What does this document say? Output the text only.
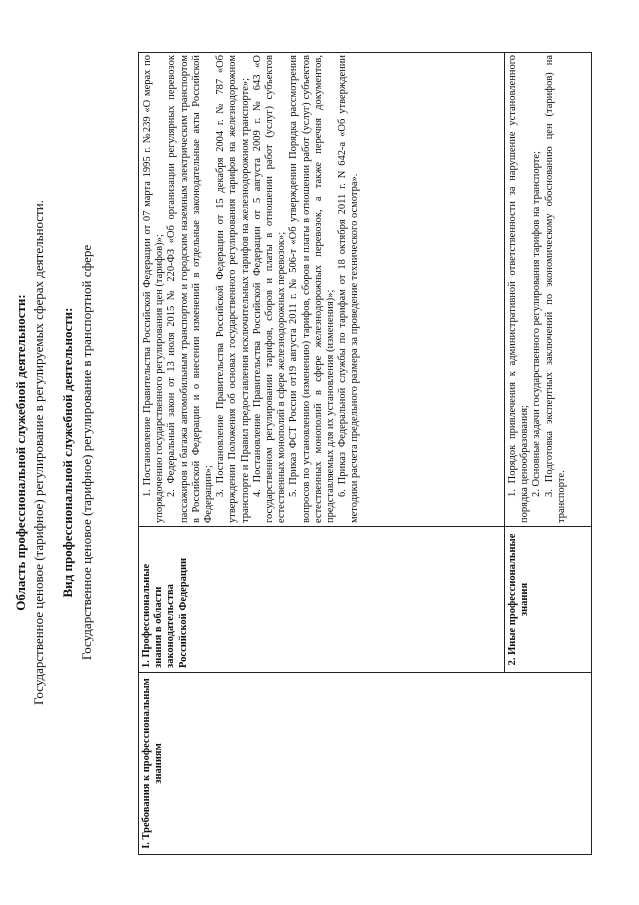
Область профессиональной служебной деятельности: Государственное ценовое (тарифное) регулирование в регулируемых сферах деятельности. Вид профессиональной служебной деятельности: Государственное ценовое (тарифное) регулирование в транспортной сфере
I. Требования к профессиональным знаниям
1. Профессиональные знания в области законодательства Российской Федерации	2. Иные профессиональные знания

1. Постановление Правительства Российской Федерации от 07 марта 1995 г. №239 «О мерах по упорядочению государственного регулирования цен (тарифов)»; 2. Федеральный закон от 13 июля 2015 № 220-ФЗ «Об организации регулярных перевозок пассажиров и багажа автомобильным транспортом и городским наземным электрическим транспортом в Российской Федерации и о внесении изменений в отдельные законодательные акты Российской Федерации»; 3. Постановление Правительства Российской Федерации от 15 декабря 2004 г. № 787 «Об утверждении Положения об основах государственного регулирования тарифов на железнодорожном транспорте и Правил предоставления исключительных тарифов на железнодорожном транспорте»; 4. Постановление Правительства Российской Федерации от 5 августа 2009 г. № 643 «О государственном регулировании тарифов, сборов и платы в отношении работ (услуг) субъектов естественных монополий в сфере железнодорожных перевозок»; 5. Приказ ФСТ России от19 августа 2011 г. № 506-т «Об утверждении Порядка рассмотрения вопросов по установлению (изменению) тарифов, сборов и платы в отношении работ (услуг) субъектов естественных монополий в сфере железнодорожных перевозок, а также перечня документов, представляемых для их установления (изменения)»; 6. Приказ Федеральной службы по тарифам от 18 октября 2011 г. N 642-а «Об утверждении методики расчета предельного размера за проведение технического осмотра».	1. Порядок привлечения к административной ответственности за нарушение установленного порядка ценообразования; 2. Основные задачи государственного регулирования тарифов на транспорте; 3. Подготовка экспертных заключений по экономическому обоснованию цен (тарифов) на транспорте.
